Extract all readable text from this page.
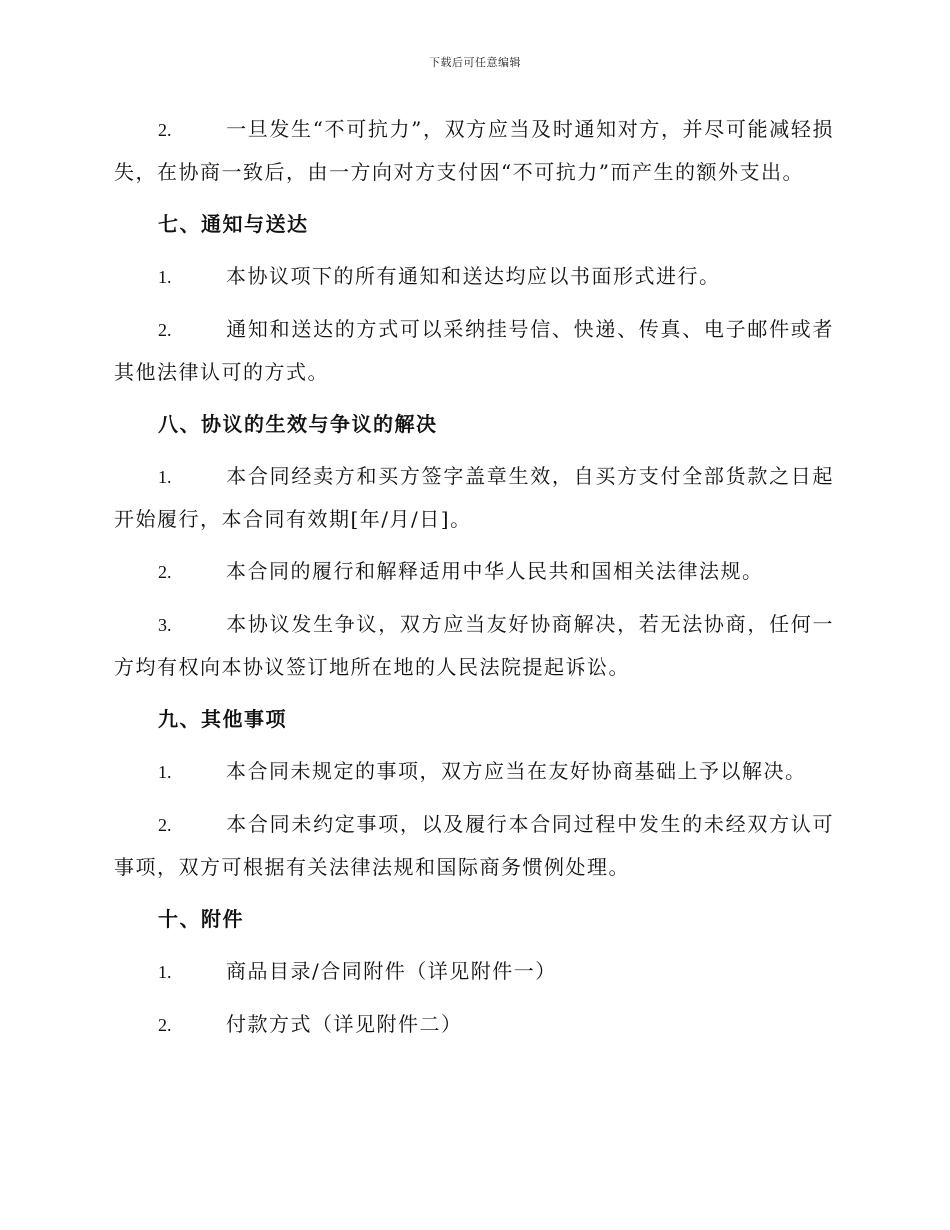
下载后可任意编辑

2.	一旦发生“不可抗力”，双方应当及时通知对方，并尽可能减轻损失，在协商一致后，由一方向对方支付因“不可抗力”而产生的额外支出。

七、通知与送达

1.	本协议项下的所有通知和送达均应以书面形式进行。

2.	通知和送达的方式可以采纳挂号信、快递、传真、电子邮件或者其他法律认可的方式。

八、协议的生效与争议的解决

1.	本合同经卖方和买方签字盖章生效，自买方支付全部货款之日起开始履行，本合同有效期[年/月/日]。

2.	本合同的履行和解释适用中华人民共和国相关法律法规。

3.	本协议发生争议，双方应当友好协商解决，若无法协商，任何一方均有权向本协议签订地所在地的人民法院提起诉讼。

九、其他事项

1.	本合同未规定的事项，双方应当在友好协商基础上予以解决。

2.	本合同未约定事项，以及履行本合同过程中发生的未经双方认可事项，双方可根据有关法律法规和国际商务惯例处理。

十、附件

1.	商品目录/合同附件（详见附件一）

2.	付款方式（详见附件二）
